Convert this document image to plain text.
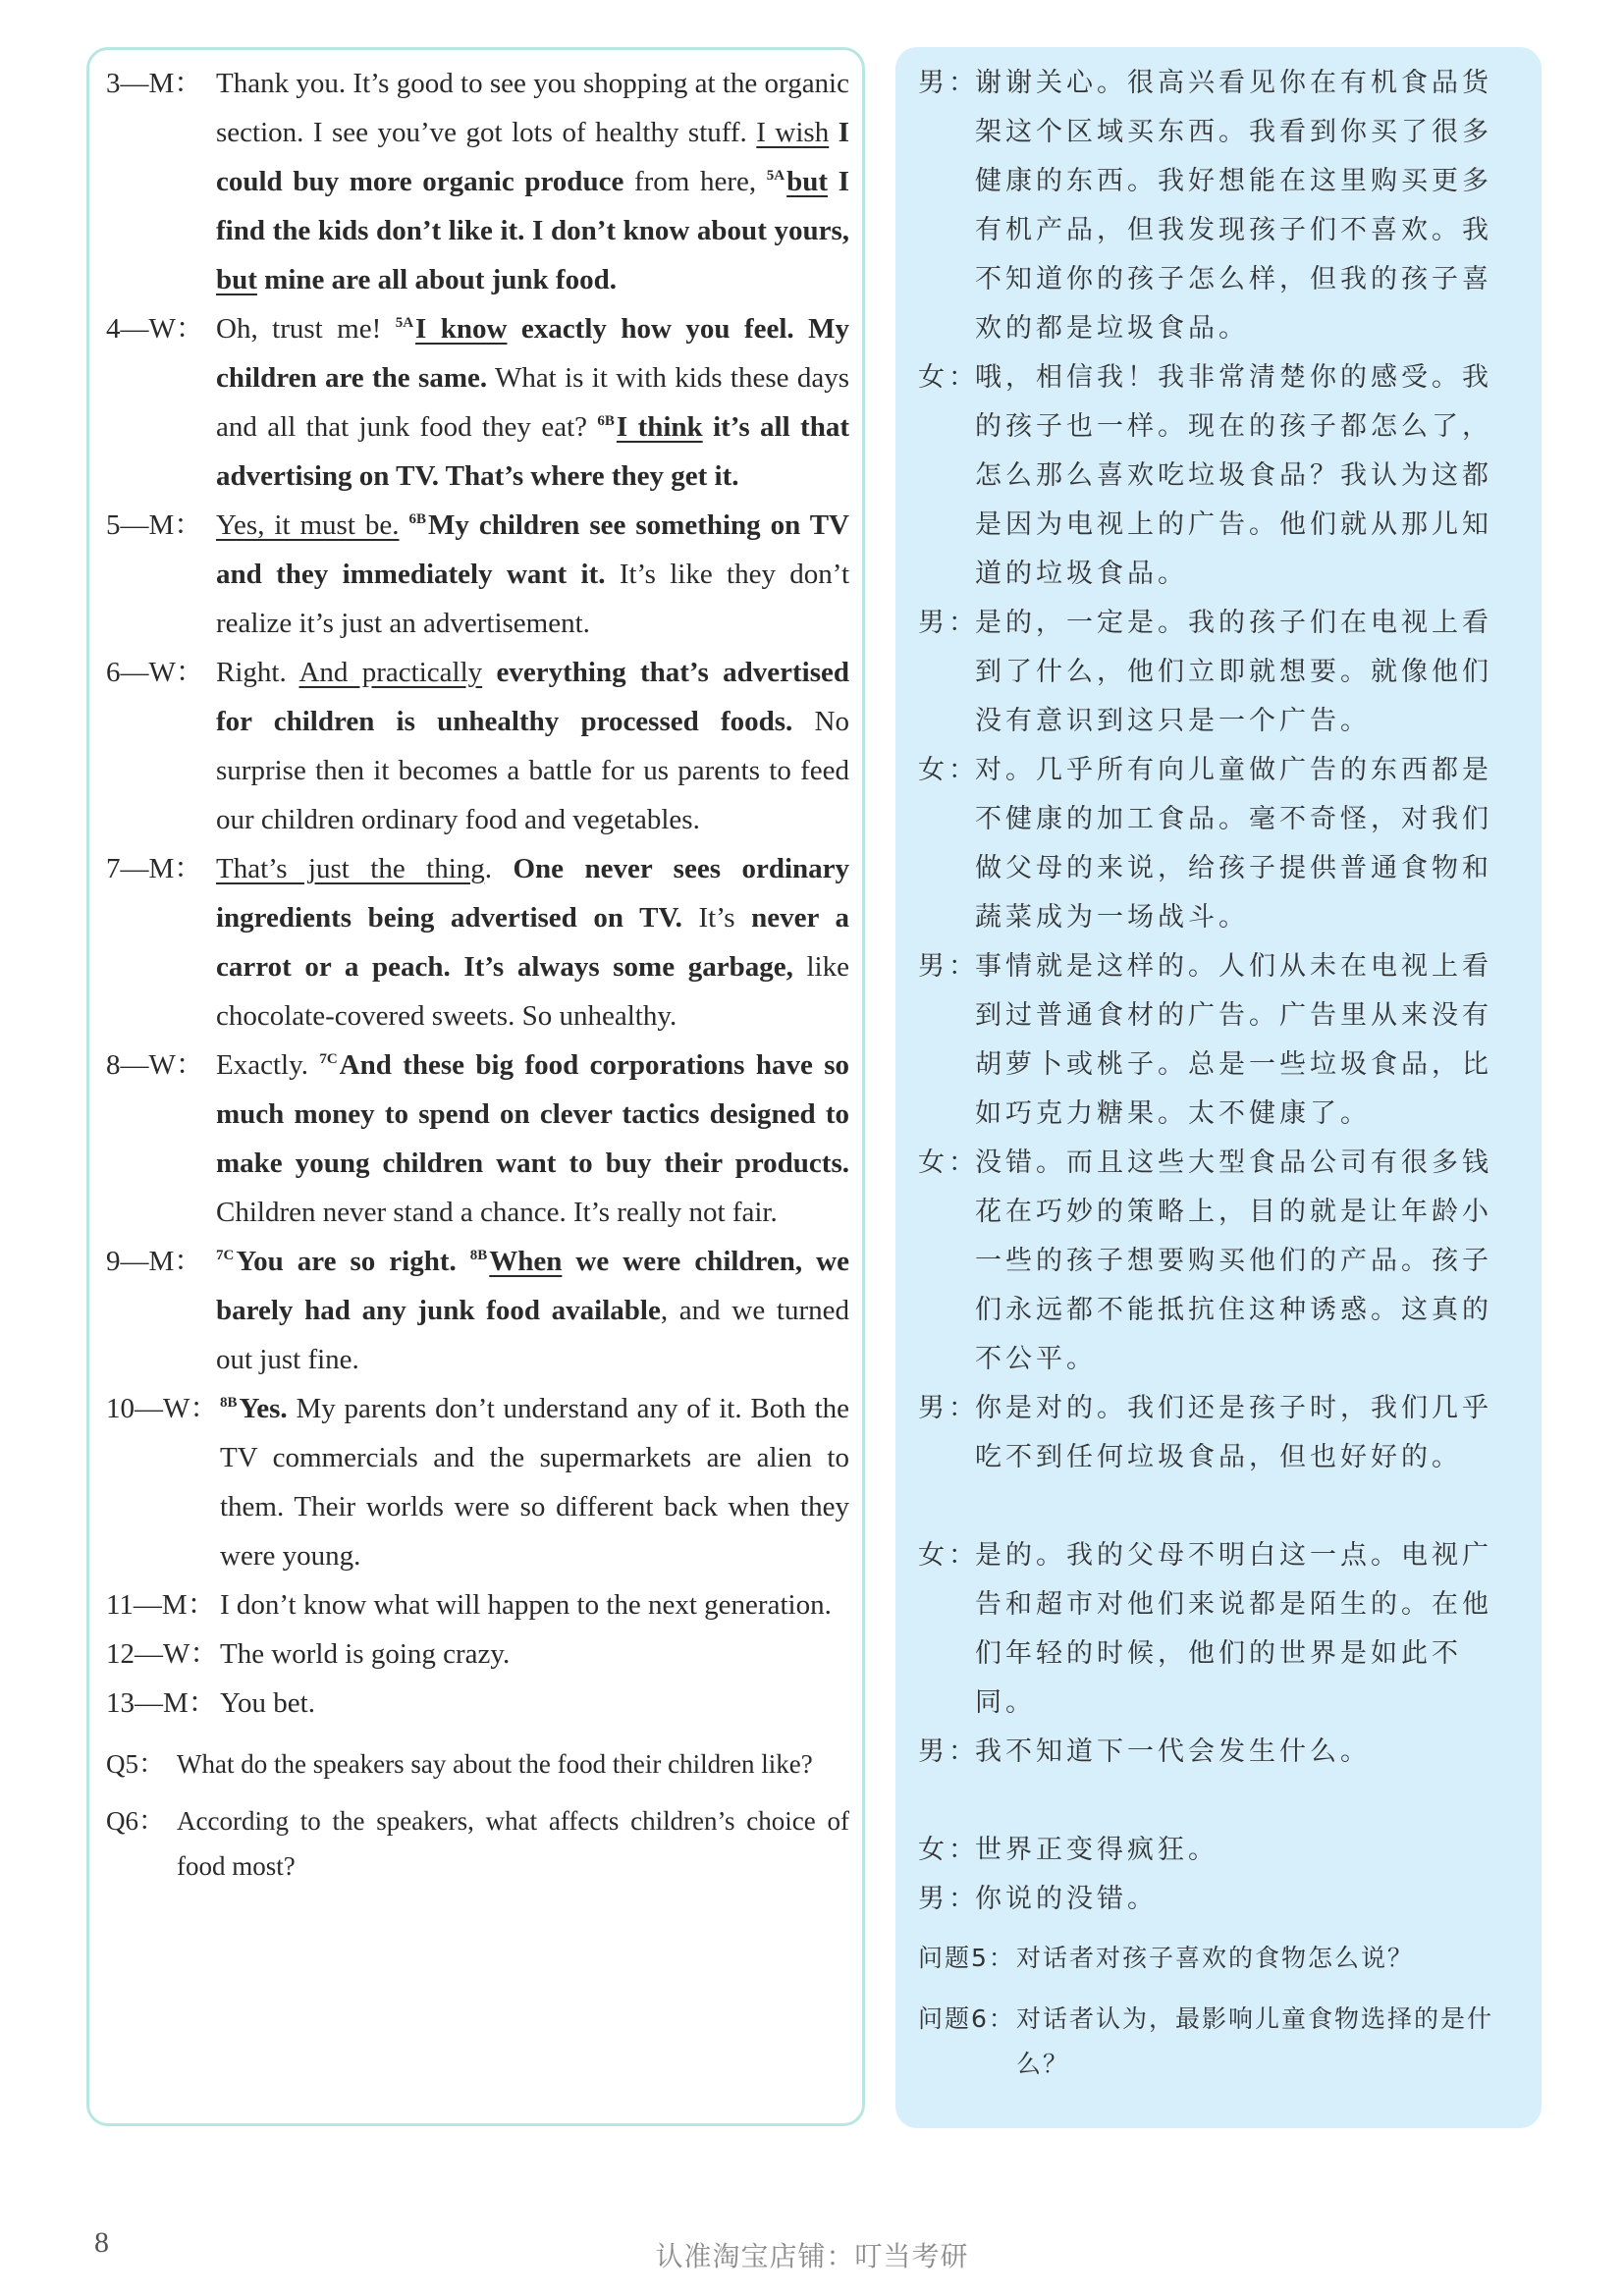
3—M： Thank you. It’s good to see you shopping at the organic section. I see you’ve got lots of healthy stuff. I wish I could buy more organic produce from here, $^{5A}$but I find the kids don’t like it. I don’t know about yours, but mine are all about junk food.

4—W： Oh, trust me! $^{5A}$I know exactly how you feel. My children are the same. What is it with kids these days and all that junk food they eat? $^{6B}$I think it’s all that advertising on TV. That’s where they get it.

5—M： Yes, it must be. $^{6B}$My children see something on TV and they immediately want it. It’s like they don’t realize it’s just an advertisement.

6—W： Right. And practically everything that’s advertised for children is unhealthy processed foods. No surprise then it becomes a battle for us parents to feed our children ordinary food and vegetables.

7—M： That’s just the thing. One never sees ordinary ingredients being advertised on TV. It’s never a carrot or a peach. It’s always some garbage, like chocolate-covered sweets. So unhealthy.

8—W： Exactly. $^{7C}$And these big food corporations have so much money to spend on clever tactics designed to make young children want to buy their products. Children never stand a chance. It’s really not fair.

9—M： $^{7C}$You are so right. $^{8B}$When we were children, we barely had any junk food available, and we turned out just fine.

10—W： $^{8B}$Yes. My parents don’t understand any of it. Both the TV commercials and the supermarkets are alien to them. Their worlds were so different back when they were young.

11—M： I don’t know what will happen to the next generation.

12—W： The world is going crazy.

13—M： You bet.

Q5： What do the speakers say about the food their children like?

Q6： According to the speakers, what affects children’s choice of food most?

男：
谢谢关心。很高兴看见你在有机食品货架这个区域买东西。我看到你买了很多健康的东西。我好想能在这里购买更多有机产品，但我发现孩子们不喜欢。我不知道你的孩子怎么样，但我的孩子喜欢的都是垃圾食品。

女：
哦，相信我！我非常清楚你的感受。我的孩子也一样。现在的孩子都怎么了，怎么那么喜欢吃垃圾食品？我认为这都是因为电视上的广告。他们就从那儿知道的垃圾食品。

男：
是的，一定是。我的孩子们在电视上看到了什么，他们立即就想要。就像他们没有意识到这只是一个广告。

女：
对。几乎所有向儿童做广告的东西都是不健康的加工食品。毫不奇怪，对我们做父母的来说，给孩子提供普通食物和蔬菜成为一场战斗。

男：
事情就是这样的。人们从未在电视上看到过普通食材的广告。广告里从来没有胡萝卜或桃子。总是一些垃圾食品，比如巧克力糖果。太不健康了。

女：
没错。而且这些大型食品公司有很多钱花在巧妙的策略上，目的就是让年龄小一些的孩子想要购买他们的产品。孩子们永远都不能抵抗住这种诱惑。这真的不公平。

男：
你是对的。我们还是孩子时，我们几乎吃不到任何垃圾食品，但也好好的。

女：
是的。我的父母不明白这一点。电视广告和超市对他们来说都是陌生的。在他们年轻的时候，他们的世界是如此不同。

男：
我不知道下一代会发生什么。

女：
世界正变得疯狂。

男：
你说的没错。

问题5： 对话者对孩子喜欢的食物怎么说？

问题6： 对话者认为，最影响儿童食物选择的是什么？

8	认准淘宝店铺：叮当考研
